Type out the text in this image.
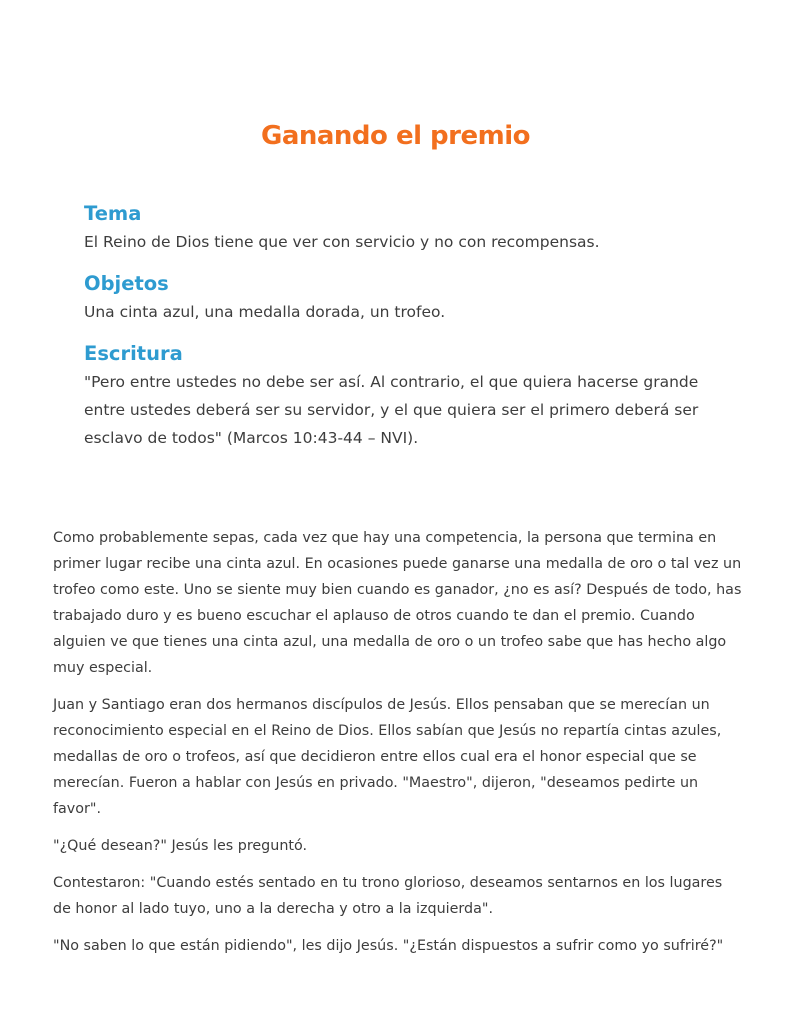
Ganando el premio
Tema

El Reino de Dios tiene que ver con servicio y no con recompensas.

Objetos

Una cinta azul, una medalla dorada, un trofeo.

Escritura

"Pero entre ustedes no debe ser así. Al contrario, el que quiera hacerse grande entre ustedes deberá ser su servidor, y el que quiera ser el primero deberá ser esclavo de todos" (Marcos 10:43-44 – NVI).

Como probablemente sepas, cada vez que hay una competencia, la persona que termina en primer lugar recibe una cinta azul. En ocasiones puede ganarse una medalla de oro o tal vez un trofeo como este. Uno se siente muy bien cuando es ganador, ¿no es así? Después de todo, has trabajado duro y es bueno escuchar el aplauso de otros cuando te dan el premio. Cuando alguien ve que tienes una cinta azul, una medalla de oro o un trofeo sabe que has hecho algo muy especial.

Juan y Santiago eran dos hermanos discípulos de Jesús. Ellos pensaban que se merecían un reconocimiento especial en el Reino de Dios. Ellos sabían que Jesús no repartía cintas azules, medallas de oro o trofeos, así que decidieron entre ellos cual era el honor especial que se merecían. Fueron a hablar con Jesús en privado. "Maestro", dijeron, "deseamos pedirte un favor".

"¿Qué desean?" Jesús les preguntó.

Contestaron: "Cuando estés sentado en tu trono glorioso, deseamos sentarnos en los lugares de honor al lado tuyo, uno a la derecha y otro a la izquierda".

"No saben lo que están pidiendo", les dijo Jesús. "¿Están dispuestos a sufrir como yo sufriré?"
